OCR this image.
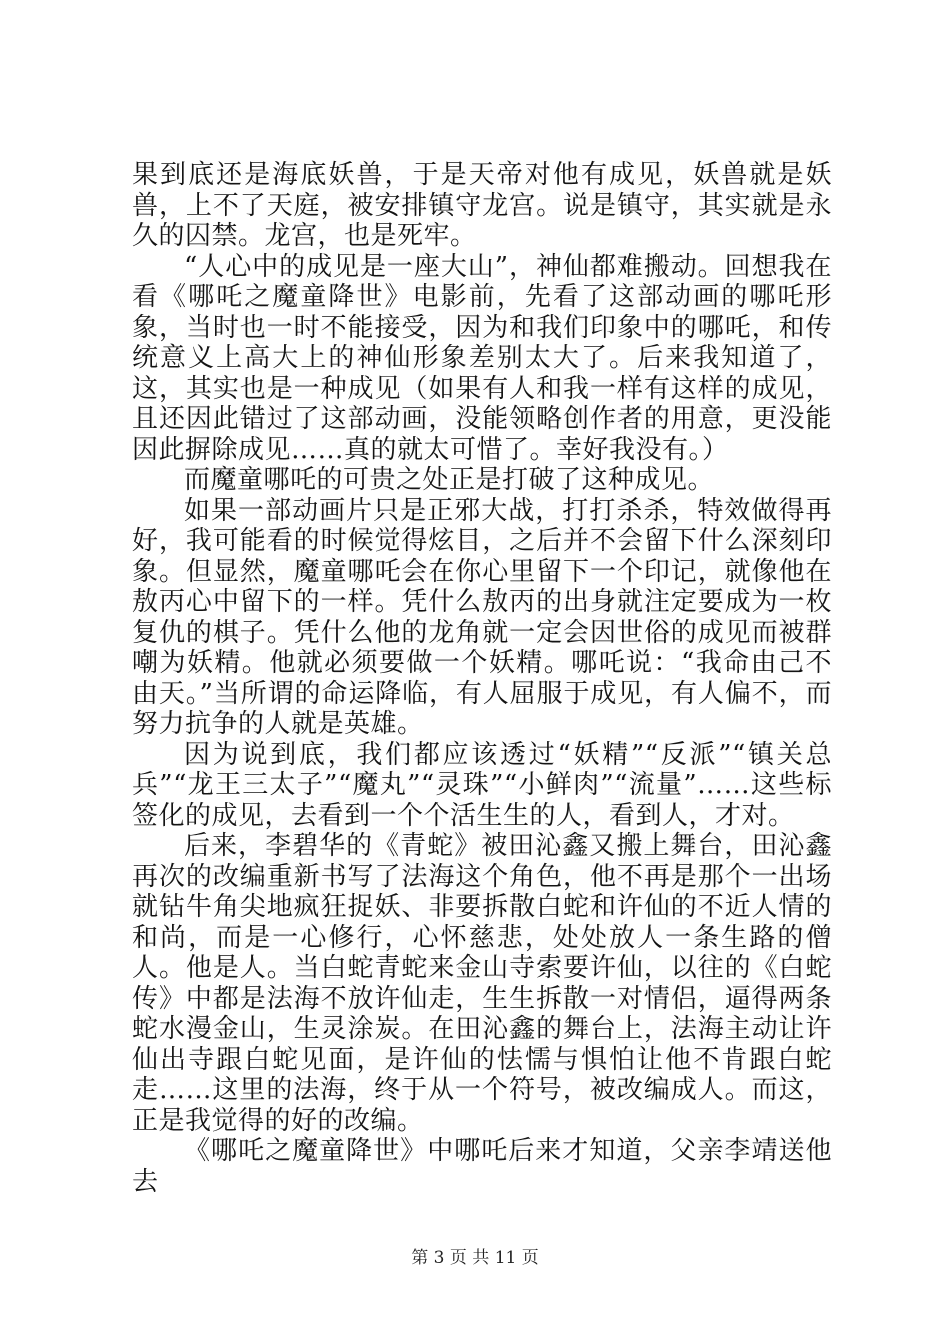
果到底还是海底妖兽，于是天帝对他有成见，妖兽就是妖兽，上不了天庭，被安排镇守龙宫。说是镇守，其实就是永久的囚禁。龙宫，也是死牢。

“人心中的成见是一座大山”，神仙都难搬动。回想我在看《哪吒之魔童降世》电影前，先看了这部动画的哪吒形象，当时也一时不能接受，因为和我们印象中的哪吒，和传统意义上高大上的神仙形象差别太大了。后来我知道了，这，其实也是一种成见（如果有人和我一样有这样的成见，且还因此错过了这部动画，没能领略创作者的用意，更没能因此摒除成见……真的就太可惜了。幸好我没有。）

而魔童哪吒的可贵之处正是打破了这种成见。

如果一部动画片只是正邪大战，打打杀杀，特效做得再好，我可能看的时候觉得炫目，之后并不会留下什么深刻印象。但显然，魔童哪吒会在你心里留下一个印记，就像他在敖丙心中留下的一样。凭什么敖丙的出身就注定要成为一枚复仇的棋子。凭什么他的龙角就一定会因世俗的成见而被群嘲为妖精。他就必须要做一个妖精。哪吒说：“我命由己不由天。”当所谓的命运降临，有人屈服于成见，有人偏不，而努力抗争的人就是英雄。

因为说到底，我们都应该透过“妖精”“反派”“镇关总兵”“龙王三太子”“魔丸”“灵珠”“小鲜肉”“流量”……这些标签化的成见，去看到一个个活生生的人，看到人，才对。

后来，李碧华的《青蛇》被田沁鑫又搬上舞台，田沁鑫再次的改编重新书写了法海这个角色，他不再是那个一出场就钻牛角尖地疯狂捉妖、非要拆散白蛇和许仙的不近人情的和尚，而是一心修行，心怀慈悲，处处放人一条生路的僧人。他是人。当白蛇青蛇来金山寺索要许仙，以往的《白蛇传》中都是法海不放许仙走，生生拆散一对情侣，逼得两条蛇水漫金山，生灵涂炭。在田沁鑫的舞台上，法海主动让许仙出寺跟白蛇见面，是许仙的怯懦与惧怕让他不肯跟白蛇走……这里的法海，终于从一个符号，被改编成人。而这，正是我觉得的好的改编。

《哪吒之魔童降世》中哪吒后来才知道，父亲李靖送他去

第 3 页 共 11 页
